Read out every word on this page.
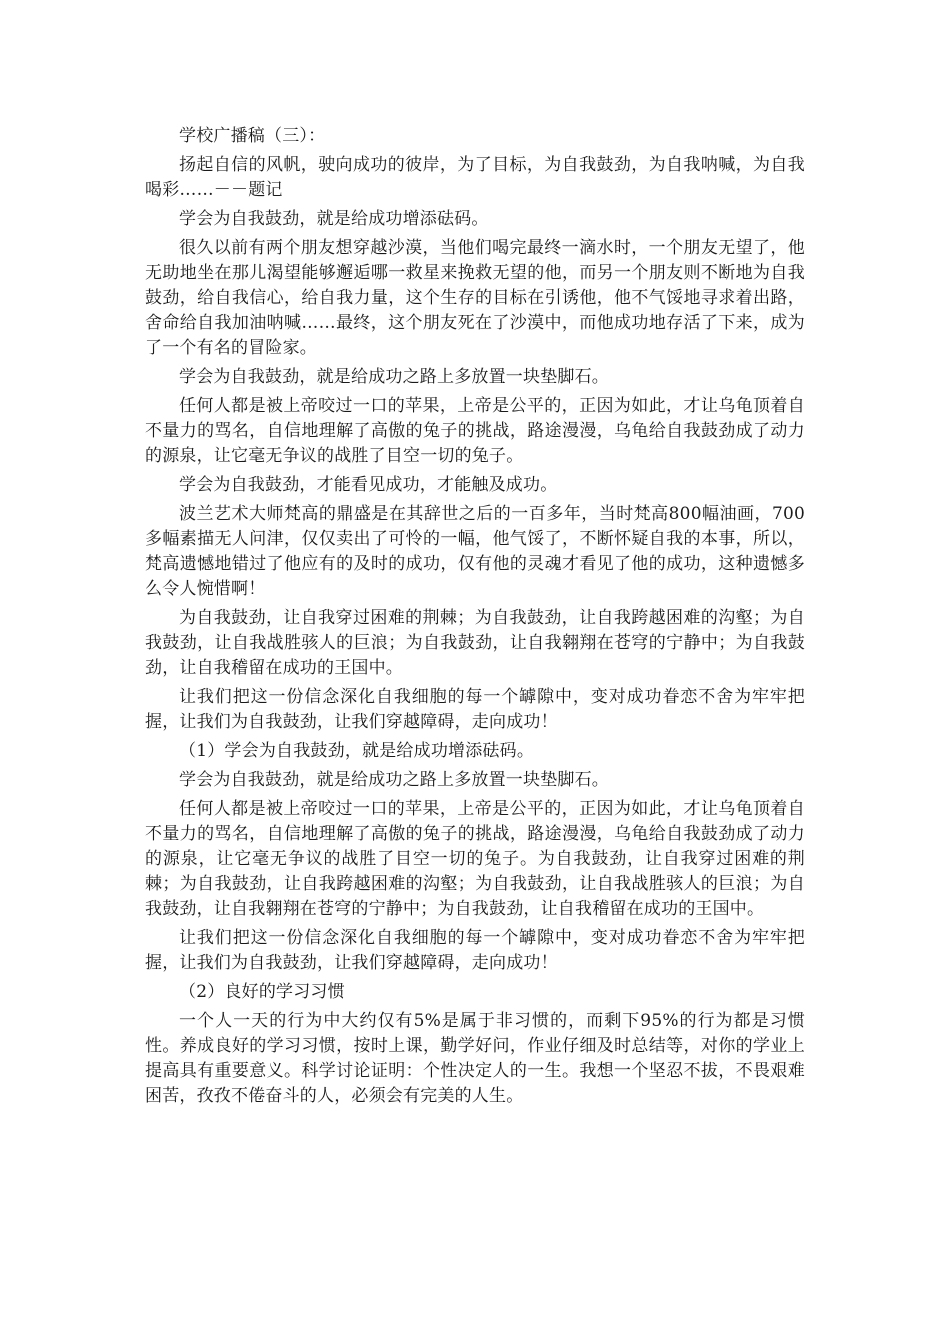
学校广播稿（三）：

扬起自信的风帆，驶向成功的彼岸，为了目标，为自我鼓劲，为自我呐喊，为自我喝彩……－－题记

学会为自我鼓劲，就是给成功增添砝码。

很久以前有两个朋友想穿越沙漠，当他们喝完最终一滴水时，一个朋友无望了，他无助地坐在那儿渴望能够邂逅哪一救星来挽救无望的他，而另一个朋友则不断地为自我鼓劲，给自我信心，给自我力量，这个生存的目标在引诱他，他不气馁地寻求着出路，舍命给自我加油呐喊……最终，这个朋友死在了沙漠中，而他成功地存活了下来，成为了一个有名的冒险家。

学会为自我鼓劲，就是给成功之路上多放置一块垫脚石。

任何人都是被上帝咬过一口的苹果，上帝是公平的，正因为如此，才让乌龟顶着自不量力的骂名，自信地理解了高傲的兔子的挑战，路途漫漫，乌龟给自我鼓劲成了动力的源泉，让它毫无争议的战胜了目空一切的兔子。

学会为自我鼓劲，才能看见成功，才能触及成功。

波兰艺术大师梵高的鼎盛是在其辞世之后的一百多年，当时梵高800幅油画，700多幅素描无人问津，仅仅卖出了可怜的一幅，他气馁了，不断怀疑自我的本事，所以，梵高遗憾地错过了他应有的及时的成功，仅有他的灵魂才看见了他的成功，这种遗憾多么令人惋惜啊！

为自我鼓劲，让自我穿过困难的荆棘；为自我鼓劲，让自我跨越困难的沟壑；为自我鼓劲，让自我战胜骇人的巨浪；为自我鼓劲，让自我翱翔在苍穹的宁静中；为自我鼓劲，让自我稽留在成功的王国中。

让我们把这一份信念深化自我细胞的每一个罅隙中，变对成功眷恋不舍为牢牢把握，让我们为自我鼓劲，让我们穿越障碍，走向成功！

（1）学会为自我鼓劲，就是给成功增添砝码。

学会为自我鼓劲，就是给成功之路上多放置一块垫脚石。

任何人都是被上帝咬过一口的苹果，上帝是公平的，正因为如此，才让乌龟顶着自不量力的骂名，自信地理解了高傲的兔子的挑战，路途漫漫，乌龟给自我鼓劲成了动力的源泉，让它毫无争议的战胜了目空一切的兔子。为自我鼓劲，让自我穿过困难的荆棘；为自我鼓劲，让自我跨越困难的沟壑；为自我鼓劲，让自我战胜骇人的巨浪；为自我鼓劲，让自我翱翔在苍穹的宁静中；为自我鼓劲，让自我稽留在成功的王国中。

让我们把这一份信念深化自我细胞的每一个罅隙中，变对成功眷恋不舍为牢牢把握，让我们为自我鼓劲，让我们穿越障碍，走向成功！

（2）良好的学习习惯

一个人一天的行为中大约仅有5%是属于非习惯的，而剩下95%的行为都是习惯性。养成良好的学习习惯，按时上课，勤学好问，作业仔细及时总结等，对你的学业上提高具有重要意义。科学讨论证明：个性决定人的一生。我想一个坚忍不拔，不畏艰难困苦，孜孜不倦奋斗的人，必须会有完美的人生。
